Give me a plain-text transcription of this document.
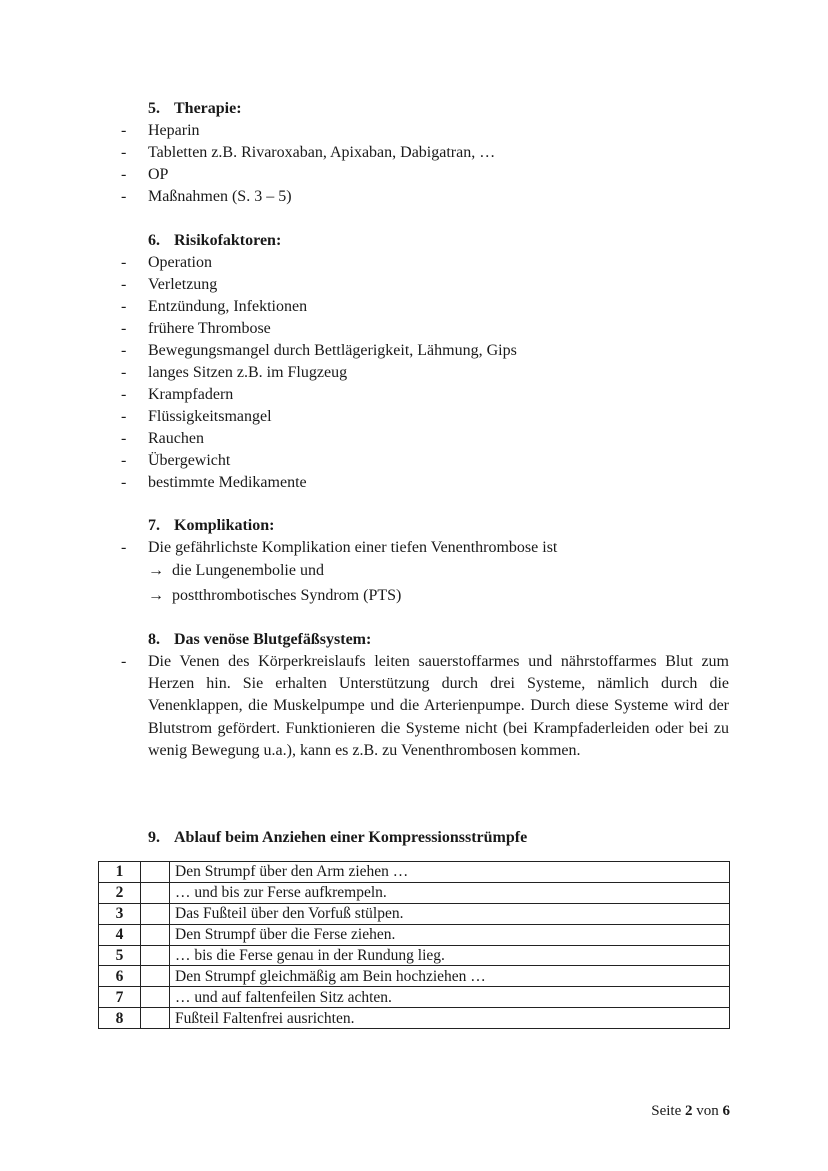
5. Therapie:
- Heparin
- Tabletten z.B. Rivaroxaban, Apixaban, Dabigatran, …
- OP
- Maßnahmen (S. 3 – 5)
6. Risikofaktoren:
- Operation
- Verletzung
- Entzündung, Infektionen
- frühere Thrombose
- Bewegungsmangel durch Bettlägerigkeit, Lähmung, Gips
- langes Sitzen z.B. im Flugzeug
- Krampfadern
- Flüssigkeitsmangel
- Rauchen
- Übergewicht
- bestimmte Medikamente
7. Komplikation:
- Die gefährlichste Komplikation einer tiefen Venenthrombose ist
→ die Lungenembolie und
→ postthrombotisches Syndrom (PTS)
8. Das venöse Blutgefäßsystem:
- Die Venen des Körperkreislaufs leiten sauerstoffarmes und nährstoffarmes Blut zum Herzen hin. Sie erhalten Unterstützung durch drei Systeme, nämlich durch die Venenklappen, die Muskelpumpe und die Arterienpumpe. Durch diese Systeme wird der Blutstrom gefördert. Funktionieren die Systeme nicht (bei Krampfaderleiden oder bei zu wenig Bewegung u.a.), kann es z.B. zu Venenthrombosen kommen.
9. Ablauf beim Anziehen einer Kompressionsstrümpfe
1		Den Strumpf über den Arm ziehen …
2		… und bis zur Ferse aufkrempeln.
3		Das Fußteil über den Vorfuß stülpen.
4		Den Strumpf über die Ferse ziehen.
5		… bis die Ferse genau in der Rundung lieg.
6		Den Strumpf gleichmäßig am Bein hochziehen …
7		… und auf faltenfeilen Sitz achten.
8		Fußteil Faltenfrei ausrichten.
Seite 2 von 6
